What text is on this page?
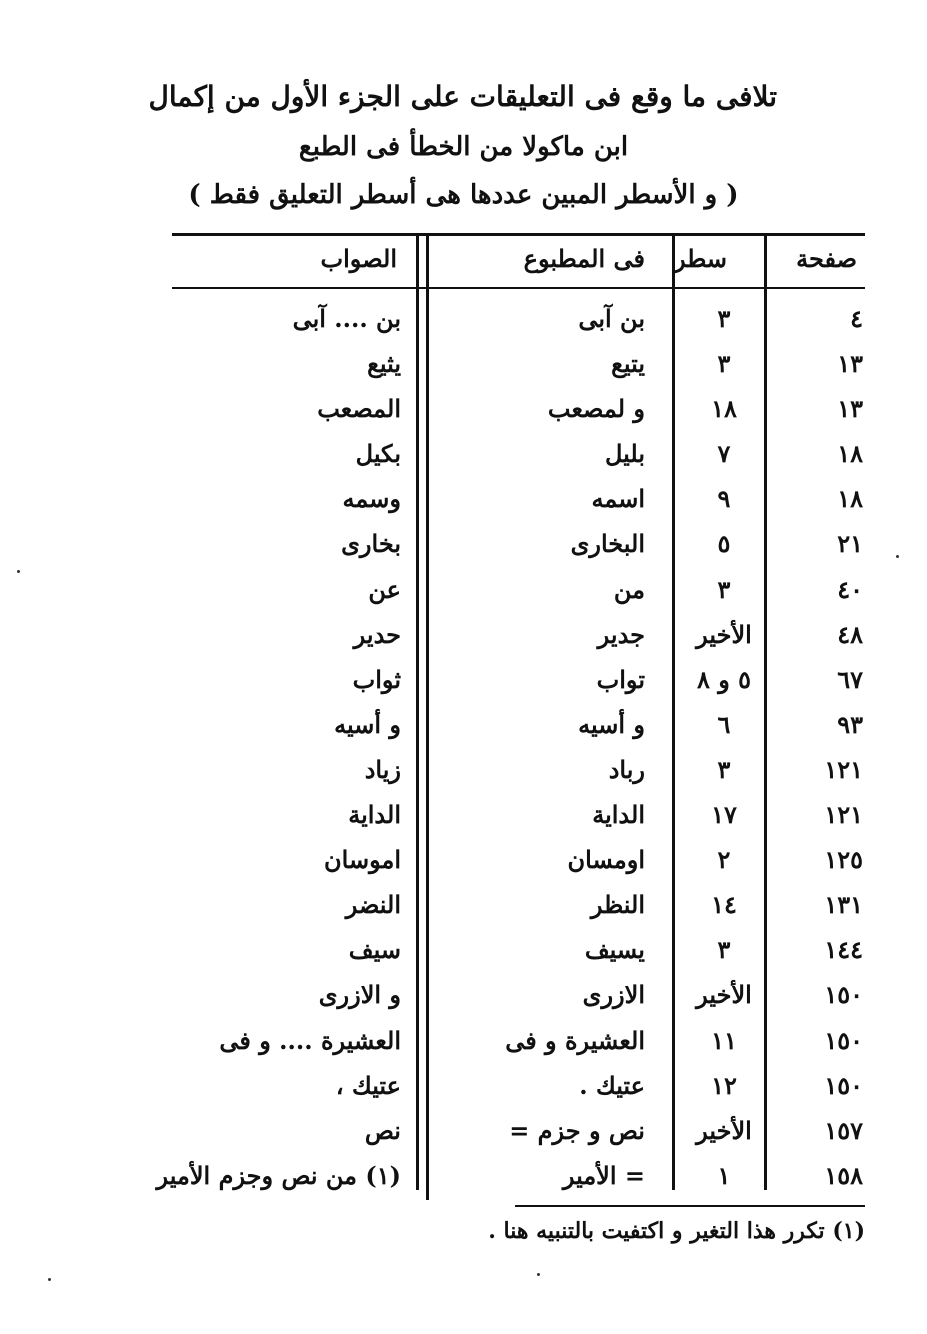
تلافى ما وقع فى التعليقات على الجزء الأول من إكمال
ابن ماكولا من الخطأ فى الطبع
( و الأسطر المبين عددها هى أسطر التعليق فقط )
صفحة
سطر
فى المطبوع
الصواب
٤
٣
بن آبى
بن .... آبى
١٣
٣
يتيع
يثيع
١٣
١٨
و لمصعب
المصعب
١٨
٧
بليل
بكيل
١٨
٩
اسمه
وسمه
٢١
٥
البخارى
بخارى
٤٠
٣
من
عن
٤٨
الأخير
جدير
حدير
٦٧
٥ و ٨
تواب
ثواب
٩٣
٦
و أسيه
و أسيه
١٢١
٣
رباد
زياد
١٢١
١٧
الداية
الداية
١٢٥
٢
اومسان
اموسان
١٣١
١٤
النظر
النضر
١٤٤
٣
يسيف
سيف
١٥٠
الأخير
الازرى
و الازرى
١٥٠
١١
العشيرة و فى
العشيرة .... و فى
١٥٠
١٢
عتيك .
عتيك ،
١٥٧
الأخير
نص و جزم =
نص
١٥٨
١
= الأمير
(١) من نص وجزم الأمير
(١) تكرر هذا التغير و اكتفيت بالتنبيه هنا .
